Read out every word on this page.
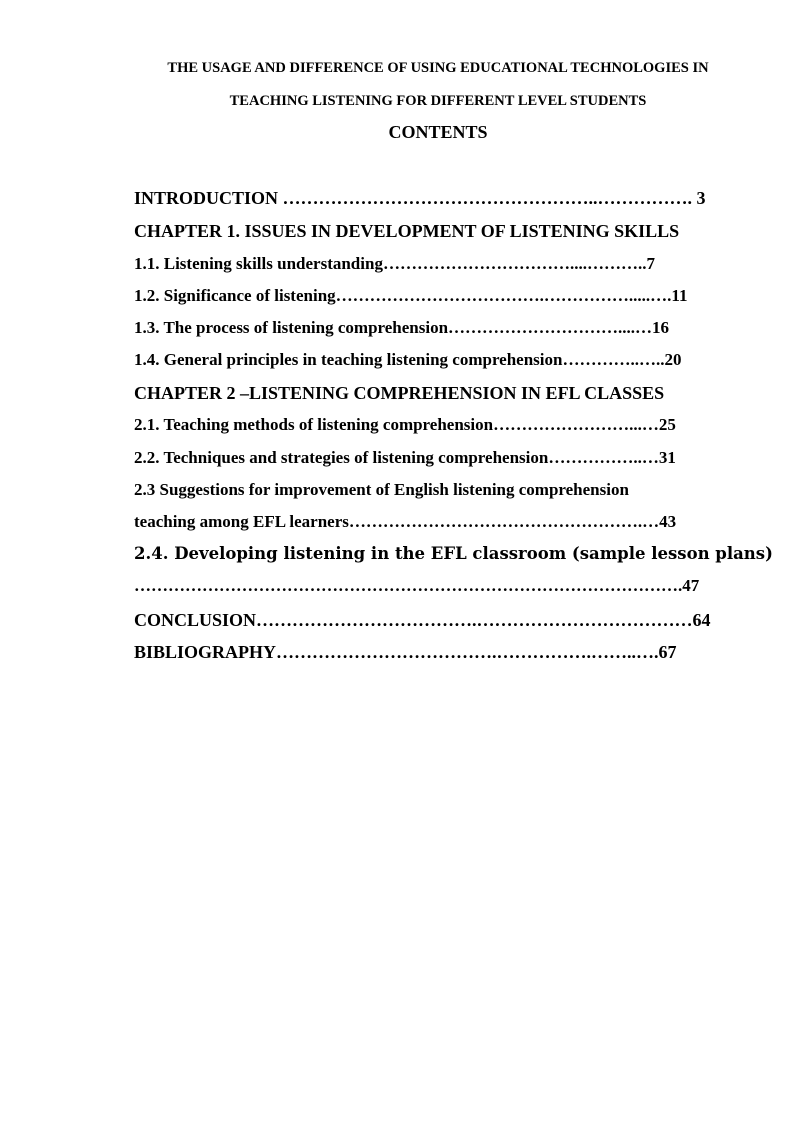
THE USAGE AND DIFFERENCE OF USING EDUCATIONAL TECHNOLOGIES IN
TEACHING LISTENING FOR DIFFERENT LEVEL STUDENTS
CONTENTS
INTRODUCTION ……………………………………………..……………. 3
CHAPTER 1. ISSUES IN DEVELOPMENT OF LISTENING SKILLS
1.1. Listening skills understanding……………………………....………..7
1.2. Significance of listening……………………………….…………….....….11
1.3. The process of listening comprehension…………………………....…16
1.4. General principles in teaching listening comprehension…………..…..20
CHAPTER 2 –LISTENING COMPREHENSION IN EFL CLASSES
2.1. Teaching methods of listening comprehension……………………...…25
2.2. Techniques and strategies of listening comprehension……………..…31
2.3 Suggestions for improvement of English listening comprehension
teaching among EFL learners…………………………………………….…43
2.4. Developing listening in the EFL classroom (sample lesson plans)
…………………………………………………………………………………….47
CONCLUSION……………………………….………………………………64
BIBLIOGRAPHY……………………………….…………….……..….67
